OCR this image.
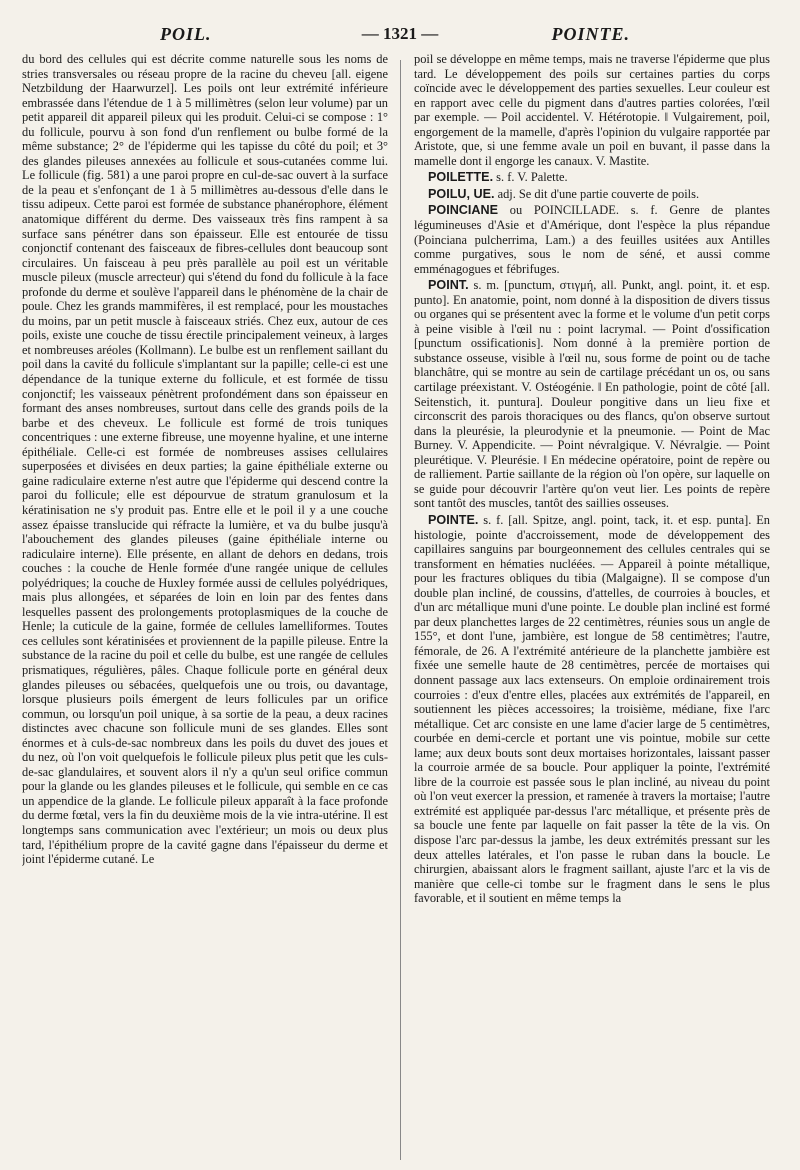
POIL.	— 1321 —	POINTE.

du bord des cellules qui est décrite comme naturelle sous les noms de stries transversales ou réseau propre de la racine du cheveu [all. eigene Netzbildung der Haarwurzel]. Les poils ont leur extrémité inférieure embrassée dans l'étendue de 1 à 5 millimètres (selon leur volume) par un petit appareil dit appareil pileux qui les produit. Celui-ci se compose : 1° du follicule, pourvu à son fond d'un renflement ou bulbe formé de la même substance; 2° de l'épiderme qui les tapisse du côté du poil; et 3° des glandes pileuses annexées au follicule et sous-cutanées comme lui. Le follicule (fig. 581) a une paroi propre en cul-de-sac ouvert à la surface de la peau et s'enfonçant de 1 à 5 millimètres au-dessous d'elle dans le tissu adipeux. Cette paroi est formée de substance phanérophore, élément anatomique différent du derme. Des vaisseaux très fins rampent à sa surface sans pénétrer dans son épaisseur. Elle est entourée de tissu conjonctif contenant des faisceaux de fibres-cellules dont beaucoup sont circulaires. Un faisceau à peu près parallèle au poil est un véritable muscle pileux (muscle arrecteur) qui s'étend du fond du follicule à la face profonde du derme et soulève l'appareil dans le phénomène de la chair de poule. Chez les grands mammifères, il est remplacé, pour les moustaches du moins, par un petit muscle à faisceaux striés. Chez eux, autour de ces poils, existe une couche de tissu érectile principalement veineux, à larges et nombreuses aréoles (Kollmann). Le bulbe est un renflement saillant du poil dans la cavité du follicule s'implantant sur la papille; celle-ci est une dépendance de la tunique externe du follicule, et est formée de tissu conjonctif; les vaisseaux pénètrent profondément dans son épaisseur en formant des anses nombreuses, surtout dans celle des grands poils de la barbe et des cheveux. Le follicule est formé de trois tuniques concentriques : une externe fibreuse, une moyenne hyaline, et une interne épithéliale. Celle-ci est formée de nombreuses assises cellulaires superposées et divisées en deux parties; la gaine épithéliale externe ou gaine radiculaire externe n'est autre que l'épiderme qui descend contre la paroi du follicule; elle est dépourvue de stratum granulosum et la kératinisation ne s'y produit pas. Entre elle et le poil il y a une couche assez épaisse translucide qui réfracte la lumière, et va du bulbe jusqu'à l'abouchement des glandes pileuses (gaine épithéliale interne ou radiculaire interne). Elle présente, en allant de dehors en dedans, trois couches : la couche de Henle formée d'une rangée unique de cellules polyédriques; la couche de Huxley formée aussi de cellules polyédriques, mais plus allongées, et séparées de loin en loin par des fentes dans lesquelles passent des prolongements protoplasmiques de la couche de Henle; la cuticule de la gaine, formée de cellules lamelliformes. Toutes ces cellules sont kératinisées et proviennent de la papille pileuse. Entre la substance de la racine du poil et celle du bulbe, est une rangée de cellules prismatiques, régulières, pâles. Chaque follicule porte en général deux glandes pileuses ou sébacées, quelquefois une ou trois, ou davantage, lorsque plusieurs poils émergent de leurs follicules par un orifice commun, ou lorsqu'un poil unique, à sa sortie de la peau, a deux racines distinctes avec chacune son follicule muni de ses glandes. Elles sont énormes et à culs-de-sac nombreux dans les poils du duvet des joues et du nez, où l'on voit quelquefois le follicule pileux plus petit que les culs-de-sac glandulaires, et souvent alors il n'y a qu'un seul orifice commun pour la glande ou les glandes pileuses et le follicule, qui semble en ce cas un appendice de la glande. Le follicule pileux apparaît à la face profonde du derme fœtal, vers la fin du deuxième mois de la vie intra-utérine. Il est longtemps sans communication avec l'extérieur; un mois ou deux plus tard, l'épithélium propre de la cavité gagne dans l'épaisseur du derme et joint l'épiderme cutané. Le

poil se développe en même temps, mais ne traverse l'épiderme que plus tard. Le développement des poils sur certaines parties du corps coïncide avec le développement des parties sexuelles. Leur couleur est en rapport avec celle du pigment dans d'autres parties colorées, l'œil par exemple. — Poil accidentel. V. Hétérotopie. ‖ Vulgairement, poil, engorgement de la mamelle, d'après l'opinion du vulgaire rapportée par Aristote, que, si une femme avale un poil en buvant, il passe dans la mamelle dont il engorge les canaux. V. Mastite.

POILETTE. s. f. V. Palette.

POILU, UE. adj. Se dit d'une partie couverte de poils.

POINCIANE ou POINCILLADE. s. f. Genre de plantes légumineuses d'Asie et d'Amérique, dont l'espèce la plus répandue (Poinciana pulcherrima, Lam.) a des feuilles usitées aux Antilles comme purgatives, sous le nom de séné, et aussi comme emménagogues et fébrifuges.

POINT. s. m. [punctum, στιγμή, all. Punkt, angl. point, it. et esp. punto]. En anatomie, point, nom donné à la disposition de divers tissus ou organes qui se présentent avec la forme et le volume d'un petit corps à peine visible à l'œil nu : point lacrymal. — Point d'ossification [punctum ossificationis]. Nom donné à la première portion de substance osseuse, visible à l'œil nu, sous forme de point ou de tache blanchâtre, qui se montre au sein de cartilage précédant un os, ou sans cartilage préexistant. V. Ostéogénie. ‖ En pathologie, point de côté [all. Seitenstich, it. puntura]. Douleur pongitive dans un lieu fixe et circonscrit des parois thoraciques ou des flancs, qu'on observe surtout dans la pleurésie, la pleurodynie et la pneumonie. — Point de Mac Burney. V. Appendicite. — Point névralgique. V. Névralgie. — Point pleurétique. V. Pleurésie. ‖ En médecine opératoire, point de repère ou de ralliement. Partie saillante de la région où l'on opère, sur laquelle on se guide pour découvrir l'artère qu'on veut lier. Les points de repère sont tantôt des muscles, tantôt des saillies osseuses.

POINTE. s. f. [all. Spitze, angl. point, tack, it. et esp. punta]. En histologie, pointe d'accroissement, mode de développement des capillaires sanguins par bourgeonnement des cellules centrales qui se transforment en hématies nucléées. — Appareil à pointe métallique, pour les fractures obliques du tibia (Malgaigne). Il se compose d'un double plan incliné, de coussins, d'attelles, de courroies à boucles, et d'un arc métallique muni d'une pointe. Le double plan incliné est formé par deux planchettes larges de 22 centimètres, réunies sous un angle de 155°, et dont l'une, jambière, est longue de 58 centimètres; l'autre, fémorale, de 26. A l'extrémité antérieure de la planchette jambière est fixée une semelle haute de 28 centimètres, percée de mortaises qui donnent passage aux lacs extenseurs. On emploie ordinairement trois courroies : d'eux d'entre elles, placées aux extrémités de l'appareil, en soutiennent les pièces accessoires; la troisième, médiane, fixe l'arc métallique. Cet arc consiste en une lame d'acier large de 5 centimètres, courbée en demi-cercle et portant une vis pointue, mobile sur cette lame; aux deux bouts sont deux mortaises horizontales, laissant passer la courroie armée de sa boucle. Pour appliquer la pointe, l'extrémité libre de la courroie est passée sous le plan incliné, au niveau du point où l'on veut exercer la pression, et ramenée à travers la mortaise; l'autre extrémité est appliquée par-dessus l'arc métallique, et présente près de sa boucle une fente par laquelle on fait passer la tête de la vis. On dispose l'arc par-dessus la jambe, les deux extrémités pressant sur les deux attelles latérales, et l'on passe le ruban dans la boucle. Le chirurgien, abaissant alors le fragment saillant, ajuste l'arc et la vis de manière que celle-ci tombe sur le fragment dans le sens le plus favorable, et il soutient en même temps la
